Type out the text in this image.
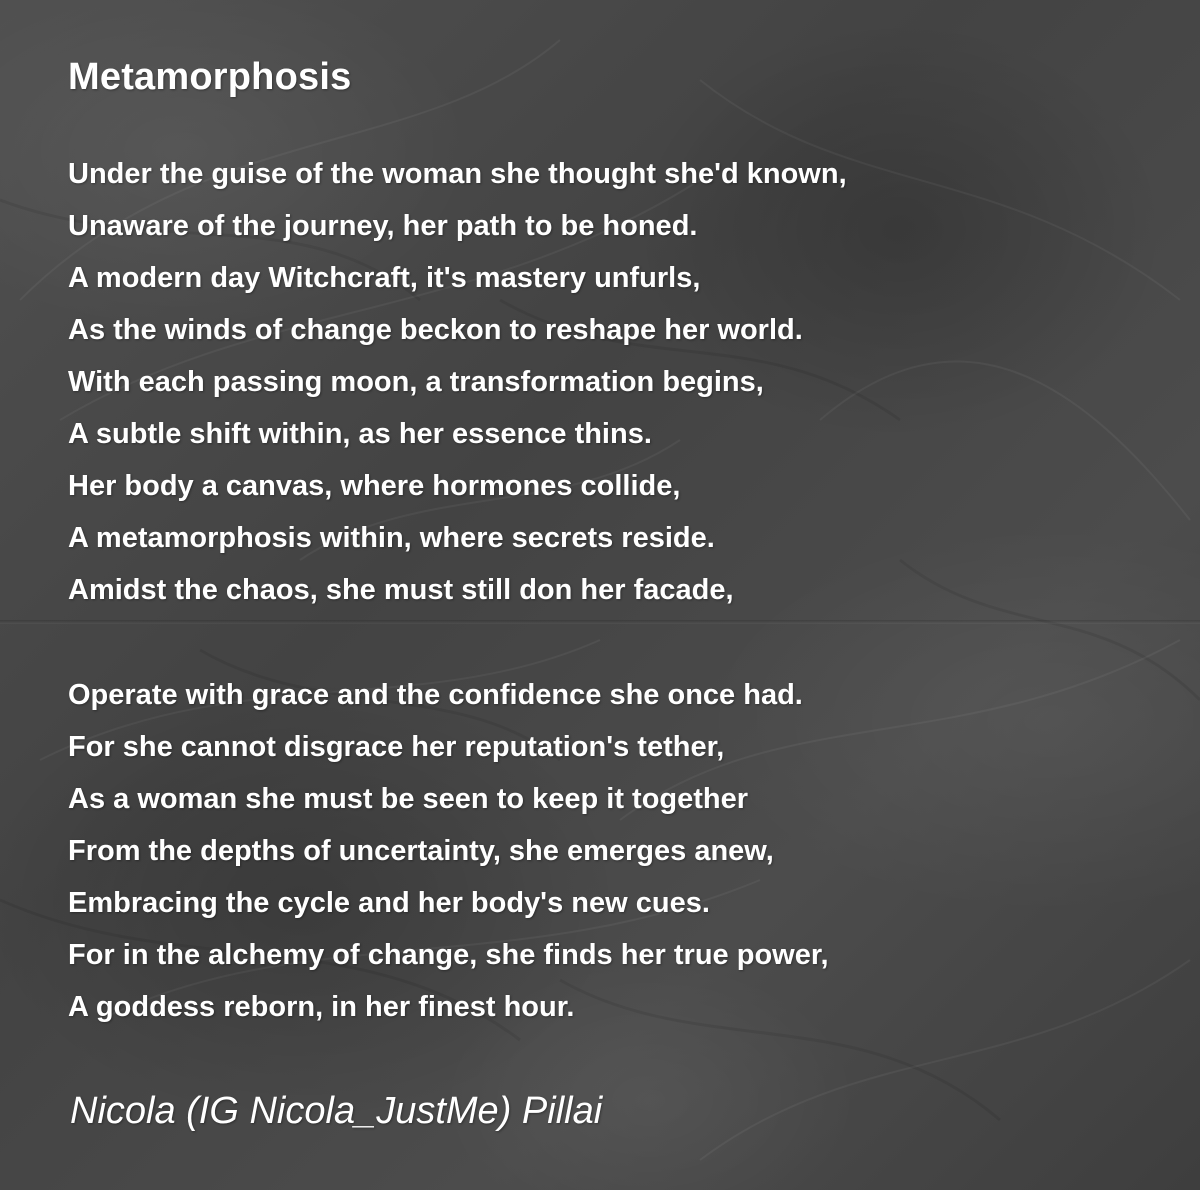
Metamorphosis
Under the guise of the woman she thought she'd known,
Unaware of the journey, her path to be honed.
A modern day Witchcraft, it's mastery unfurls,
As the winds of change beckon to reshape her world.
With each passing moon, a transformation begins,
A subtle shift within, as her essence thins.
Her body a canvas, where hormones collide,
A metamorphosis within, where secrets reside.
Amidst the chaos, she must still don her facade,
Operate with grace and the confidence she once had.
For she cannot disgrace her reputation's tether,
As a woman she must be seen to keep it together
From the depths of uncertainty, she emerges anew,
Embracing the cycle and her body's new cues.
For in the alchemy of change, she finds her true power,
A goddess reborn, in her finest hour.

Nicola (IG Nicola_JustMe) Pillai
